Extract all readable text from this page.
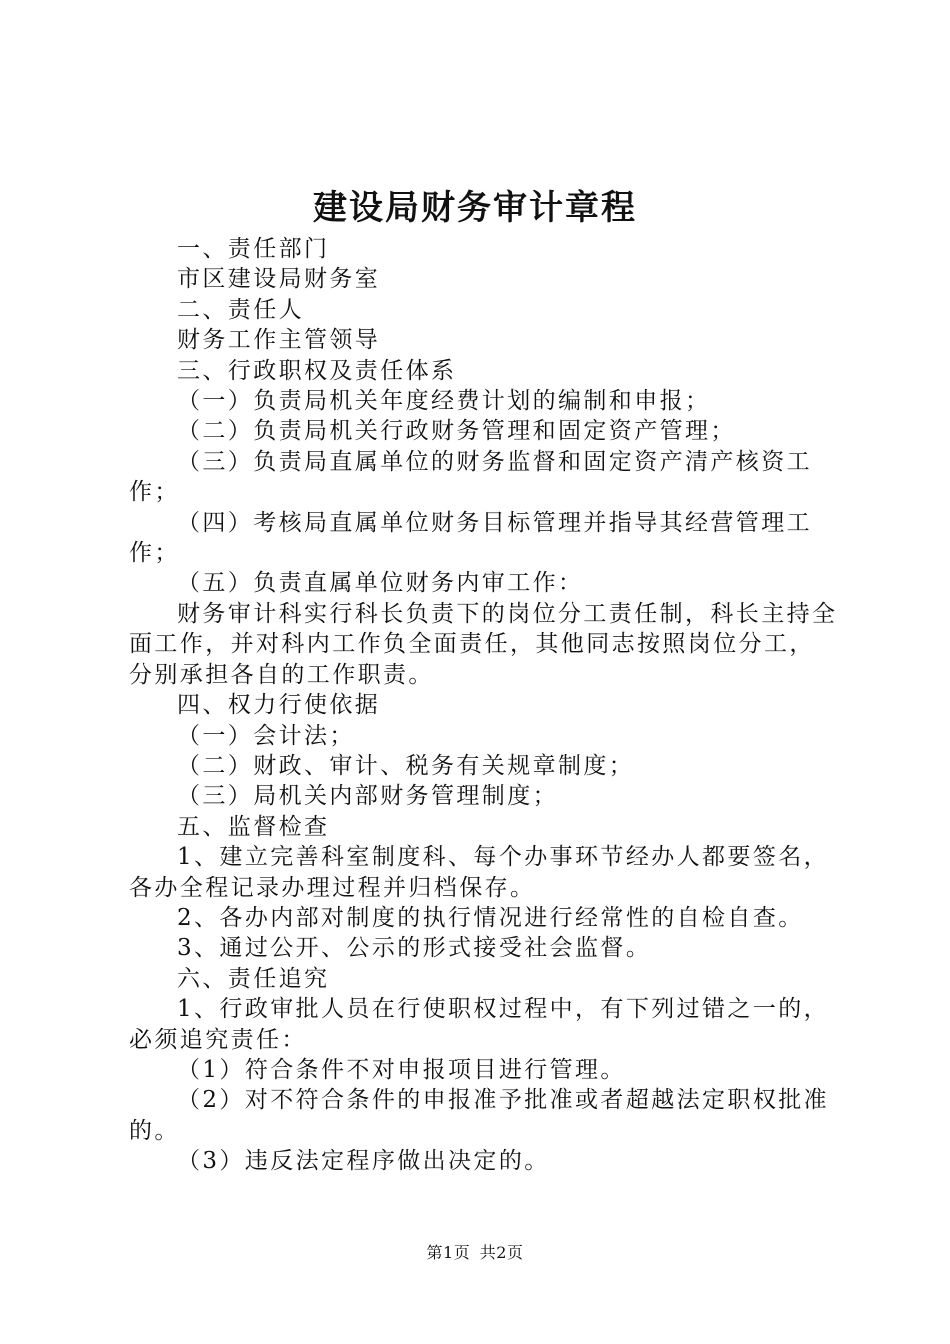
建设局财务审计章程

一、责任部门

市区建设局财务室

二、责任人

财务工作主管领导

三、行政职权及责任体系

（一）负责局机关年度经费计划的编制和申报；

（二）负责局机关行政财务管理和固定资产管理；

（三）负责局直属单位的财务监督和固定资产清产核资工作；

（四）考核局直属单位财务目标管理并指导其经营管理工作；

（五）负责直属单位财务内审工作：

财务审计科实行科长负责下的岗位分工责任制，科长主持全面工作，并对科内工作负全面责任，其他同志按照岗位分工，分别承担各自的工作职责。

四、权力行使依据

（一）会计法；

（二）财政、审计、税务有关规章制度；

（三）局机关内部财务管理制度；

五、监督检查

1、建立完善科室制度科、每个办事环节经办人都要签名，各办全程记录办理过程并归档保存。

2、各办内部对制度的执行情况进行经常性的自检自查。

3、通过公开、公示的形式接受社会监督。

六、责任追究

1、行政审批人员在行使职权过程中，有下列过错之一的，必须追究责任：

（1）符合条件不对申报项目进行管理。

（2）对不符合条件的申报准予批准或者超越法定职权批准的。

（3）违反法定程序做出决定的。

第1页 共2页
